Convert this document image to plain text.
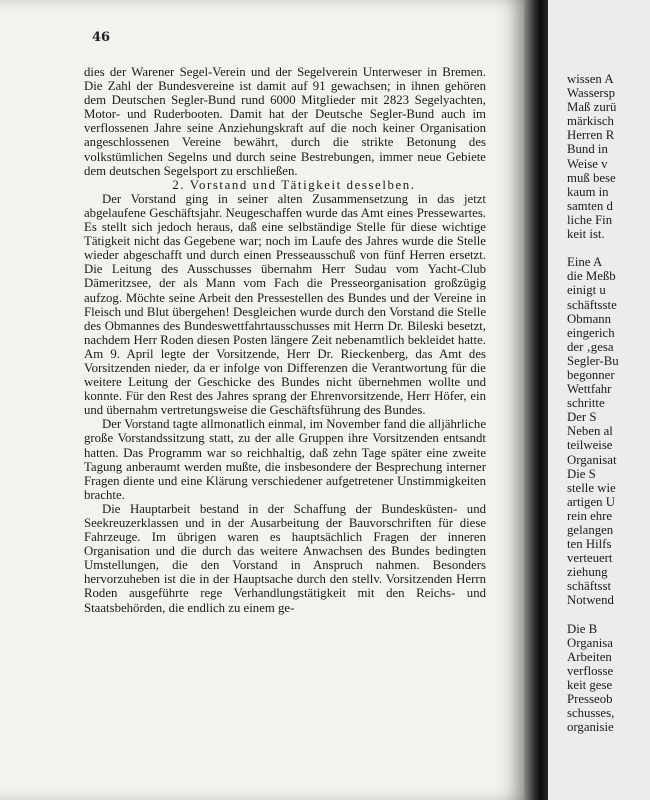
46

dies der Warener Segel-Verein und der Segelverein Unterweser in Bremen. Die Zahl der Bundesvereine ist damit auf 91 gewachsen; in ihnen gehören dem Deutschen Segler-Bund rund 6000 Mitglieder mit 2823 Segelyachten, Motor- und Ruderbooten. Damit hat der Deutsche Segler-Bund auch im verflossenen Jahre seine Anziehungskraft auf die noch keiner Organisation angeschlossenen Vereine bewährt, durch die strikte Betonung des volkstümlichen Segelns und durch seine Bestrebungen, immer neue Gebiete dem deutschen Segelsport zu erschließen.

2. Vorstand und Tätigkeit desselben.

Der Vorstand ging in seiner alten Zusammensetzung in das jetzt abgelaufene Geschäftsjahr. Neugeschaffen wurde das Amt eines Pressewartes. Es stellt sich jedoch heraus, daß eine selbständige Stelle für diese wichtige Tätigkeit nicht das Gegebene war; noch im Laufe des Jahres wurde die Stelle wieder abgeschafft und durch einen Presseausschuß von fünf Herren ersetzt. Die Leitung des Ausschusses übernahm Herr Sudau vom Yacht-Club Dämeritzsee, der als Mann vom Fach die Presseorganisation großzügig aufzog. Möchte seine Arbeit den Pressestellen des Bundes und der Vereine in Fleisch und Blut übergehen! Desgleichen wurde durch den Vorstand die Stelle des Obmannes des Bundeswettfahrtausschusses mit Herrn Dr. Bileski besetzt, nachdem Herr Roden diesen Posten längere Zeit nebenamtlich bekleidet hatte. Am 9. April legte der Vorsitzende, Herr Dr. Rieckenberg, das Amt des Vorsitzenden nieder, da er infolge von Differenzen die Verantwortung für die weitere Leitung der Geschicke des Bundes nicht übernehmen wollte und konnte. Für den Rest des Jahres sprang der Ehrenvorsitzende, Herr Höfer, ein und übernahm vertretungsweise die Geschäftsführung des Bundes.

Der Vorstand tagte allmonatlich einmal, im November fand die alljährliche große Vorstandssitzung statt, zu der alle Gruppen ihre Vorsitzenden entsandt hatten. Das Programm war so reichhaltig, daß zehn Tage später eine zweite Tagung anberaumt werden mußte, die insbesondere der Besprechung interner Fragen diente und eine Klärung verschiedener aufgetretener Unstimmigkeiten brachte.

Die Hauptarbeit bestand in der Schaffung der Bundesküsten- und Seekreuzerklassen und in der Ausarbeitung der Bauvorschriften für diese Fahrzeuge. Im übrigen waren es hauptsächlich Fragen der inneren Organisation und die durch das weitere Anwachsen des Bundes bedingten Umstellungen, die den Vorstand in Anspruch nahmen. Besonders hervorzuheben ist die in der Hauptsache durch den stellv. Vorsitzenden Herrn Roden ausgeführte rege Verhandlungstätigkeit mit den Reichs- und Staatsbehörden, die endlich zu einem ge-

wissen A
Wassersp
Maß zurü
märkisch
Herren R
Bund in
Weise v
muß bese
kaum in
samten d
liche Fin
keit ist.
Eine A
die Meßb
einigt u
schäftsste
Obmann
eingerich
der ‚gesa
Segler-Bu
begonner
Wettfahr
schritte
Der S
Neben al
teilweise
Organisat
Die S
stelle wie
artigen U
rein ehre
gelangen
ten Hilfs
verteuert
ziehung
schäftsst
Notwend
Die B
Organisa
Arbeiten
verflosse
keit gese
Presseob
schusses,
organisie
